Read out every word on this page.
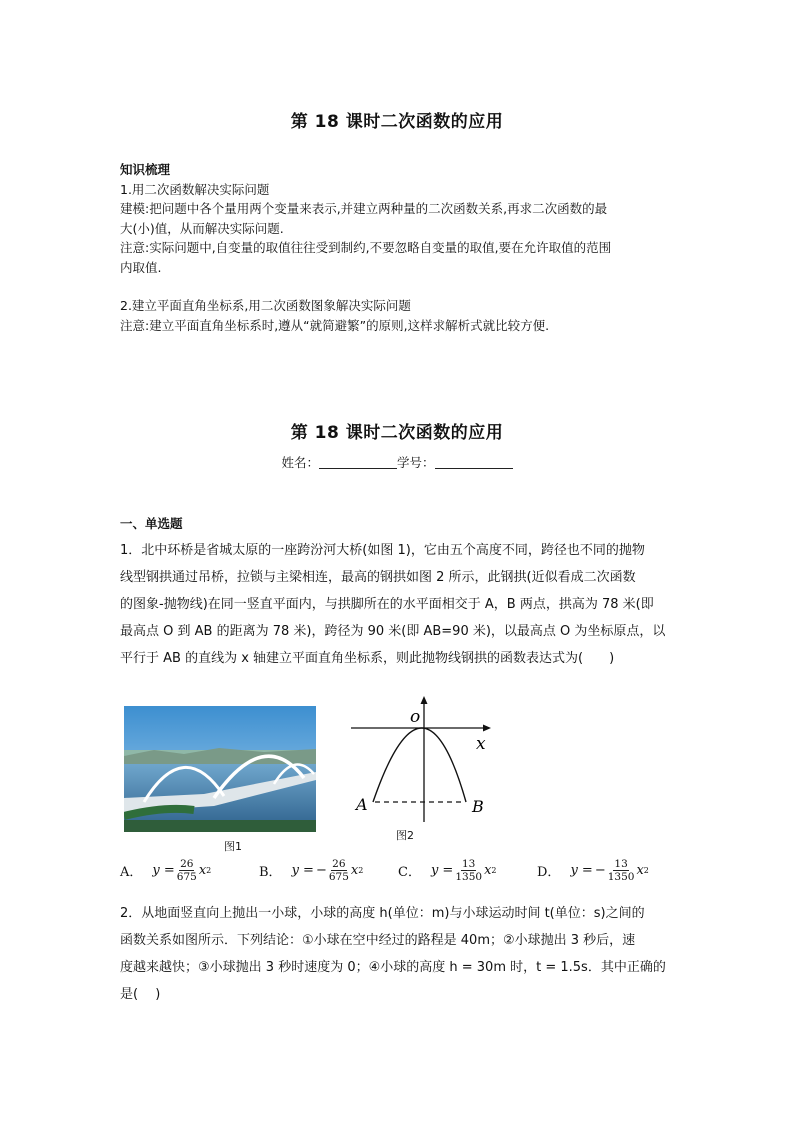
第 18 课时二次函数的应用
知识梳理
1.用二次函数解决实际问题
建模:把问题中各个量用两个变量来表示,并建立两种量的二次函数关系,再求二次函数的最
大(小)值，从而解决实际问题.
注意:实际问题中,自变量的取值往往受到制约,不要忽略自变量的取值,要在允许取值的范围
内取值.
2.建立平面直角坐标系,用二次函数图象解决实际问题
注意:建立平面直角坐标系时,遵从“就简避繁”的原则,这样求解析式就比较方便.
第 18 课时二次函数的应用
姓名：	学号：
一、单选题
1．北中环桥是省城太原的一座跨汾河大桥(如图 1)，它由五个高度不同，跨径也不同的抛物
线型钢拱通过吊桥，拉锁与主梁相连，最高的钢拱如图 2 所示，此钢拱(近似看成二次函数
的图象-抛物线)在同一竖直平面内，与拱脚所在的水平面相交于 A，B 两点，拱高为 78 米(即
最高点 O 到 AB 的距离为 78 米)，跨径为 90 米(即 AB=90 米)，以最高点 O 为坐标原点，以
平行于 AB 的直线为 x 轴建立平面直角坐标系，则此抛物线钢拱的函数表达式为(　　)
图1
o
x
A	B
图2
A． $y = \frac{26}{675}$ x 2	B． y = − $\frac{26}{675}$ x 2	C． $y = \frac{13}{1350}$ x 2	D． y = − $\frac{13}{1350}$ x 2
2．从地面竖直向上抛出一小球，小球的高度 h(单位：m)与小球运动时间 t(单位：s)之间的
函数关系如图所示．下列结论：①小球在空中经过的路程是 40m；②小球抛出 3 秒后，速
度越来越快；③小球抛出 3 秒时速度为 0；④小球的高度 h = 30m 时，t = 1.5s．其中正确的
是(　 )
